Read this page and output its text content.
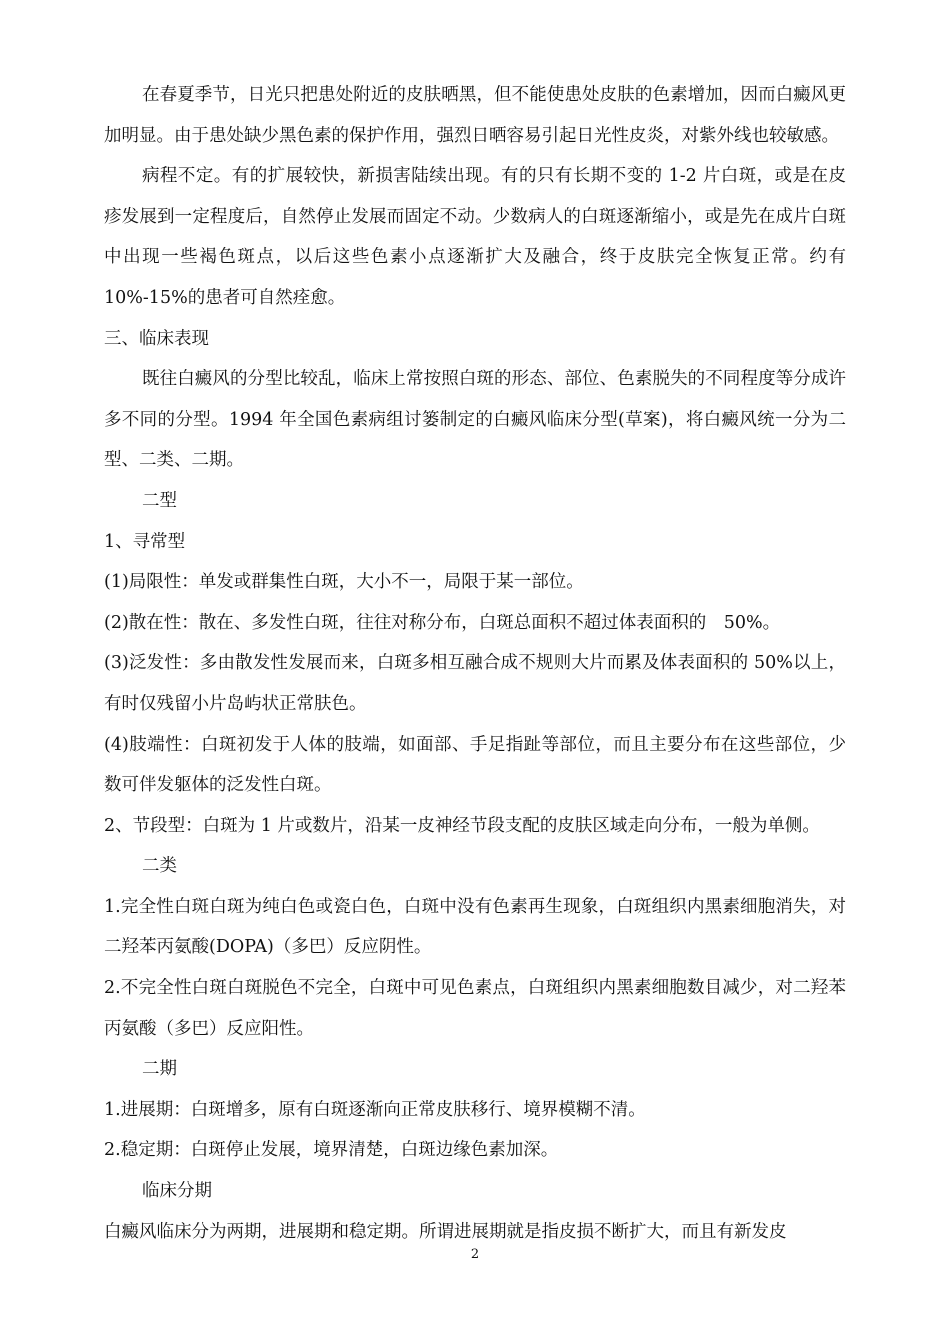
在春夏季节，日光只把患处附近的皮肤晒黑，但不能使患处皮肤的色素增加，因而白癜风更加明显。由于患处缺少黑色素的保护作用，强烈日晒容易引起日光性皮炎，对紫外线也较敏感。

病程不定。有的扩展较快，新损害陆续出现。有的只有长期不变的 1-2 片白斑，或是在皮疹发展到一定程度后，自然停止发展而固定不动。少数病人的白斑逐渐缩小，或是先在成片白斑中出现一些褐色斑点，以后这些色素小点逐渐扩大及融合，终于皮肤完全恢复正常。约有 10%-15%的患者可自然痊愈。

三、临床表现

既往白癜风的分型比较乱，临床上常按照白斑的形态、部位、色素脱失的不同程度等分成许多不同的分型。1994 年全国色素病组讨篓制定的白癜风临床分型(草案)，将白癜风统一分为二型、二类、二期。

二型

1、寻常型

(1)局限性：单发或群集性白斑，大小不一，局限于某一部位。

(2)散在性：散在、多发性白斑，往往对称分布，白斑总面积不超过体表面积的　50%。

(3)泛发性：多由散发性发展而来，白斑多相互融合成不规则大片而累及体表面积的 50%以上，有时仅残留小片岛屿状正常肤色。

(4)肢端性：白斑初发于人体的肢端，如面部、手足指趾等部位，而且主要分布在这些部位，少数可伴发躯体的泛发性白斑。

2、节段型：白斑为 1 片或数片，沿某一皮神经节段支配的皮肤区域走向分布，一般为单侧。

二类

1.完全性白斑白斑为纯白色或瓷白色，白斑中没有色素再生现象，白斑组织内黑素细胞消失，对二羟苯丙氨酸(DOPA)（多巴）反应阴性。

2.不完全性白斑白斑脱色不完全，白斑中可见色素点，白斑组织内黑素细胞数目减少，对二羟苯丙氨酸（多巴）反应阳性。

二期

1.进展期：白斑增多，原有白斑逐渐向正常皮肤移行、境界模糊不清。

2.稳定期：白斑停止发展，境界清楚，白斑边缘色素加深。

临床分期

白癜风临床分为两期，进展期和稳定期。所谓进展期就是指皮损不断扩大，而且有新发皮

2
